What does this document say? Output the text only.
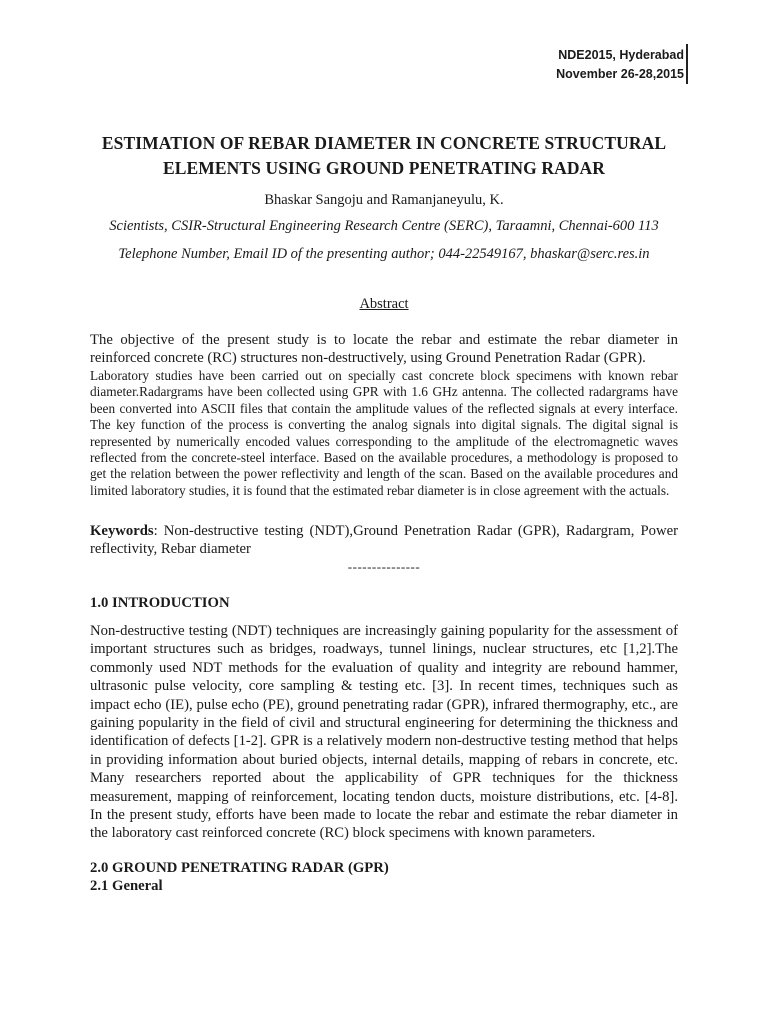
NDE2015, Hyderabad
November 26-28,2015
ESTIMATION OF REBAR DIAMETER IN CONCRETE STRUCTURAL
ELEMENTS USING GROUND PENETRATING RADAR
Bhaskar Sangoju and Ramanjaneyulu, K.
Scientists, CSIR-Structural Engineering Research Centre (SERC), Taraamni, Chennai-600 113
Telephone Number, Email ID of the presenting author; 044-22549167, bhaskar@serc.res.in
Abstract
The objective of the present study is to locate the rebar and estimate the rebar diameter in reinforced concrete (RC) structures non-destructively, using Ground Penetration Radar (GPR).
Laboratory studies have been carried out on specially cast concrete block specimens with known rebar diameter.Radargrams have been collected using GPR with 1.6 GHz antenna. The collected radargrams have been converted into ASCII files that contain the amplitude values of the reflected signals at every interface. The key function of the process is converting the analog signals into digital signals. The digital signal is represented by numerically encoded values corresponding to the amplitude of the electromagnetic waves reflected from the concrete-steel interface. Based on the available procedures, a methodology is proposed to get the relation between the power reflectivity and length of the scan. Based on the available procedures and limited laboratory studies, it is found that the estimated rebar diameter is in close agreement with the actuals.
Keywords: Non-destructive testing (NDT),Ground Penetration Radar (GPR), Radargram, Power reflectivity, Rebar diameter
---------------
1.0 INTRODUCTION
Non-destructive testing (NDT) techniques are increasingly gaining popularity for the assessment of important structures such as bridges, roadways, tunnel linings, nuclear structures, etc [1,2].The commonly used NDT methods for the evaluation of quality and integrity are rebound hammer, ultrasonic pulse velocity, core sampling & testing etc. [3]. In recent times, techniques such as impact echo (IE), pulse echo (PE), ground penetrating radar (GPR), infrared thermography, etc., are gaining popularity in the field of civil and structural engineering for determining the thickness and identification of defects [1-2]. GPR is a relatively modern non-destructive testing method that helps in providing information about buried objects, internal details, mapping of rebars in concrete, etc. Many researchers reported about the applicability of GPR techniques for the thickness measurement, mapping of reinforcement, locating tendon ducts, moisture distributions, etc. [4-8]. In the present study, efforts have been made to locate the rebar and estimate the rebar diameter in the laboratory cast reinforced concrete (RC) block specimens with known parameters.
2.0 GROUND PENETRATING RADAR (GPR)
2.1 General
